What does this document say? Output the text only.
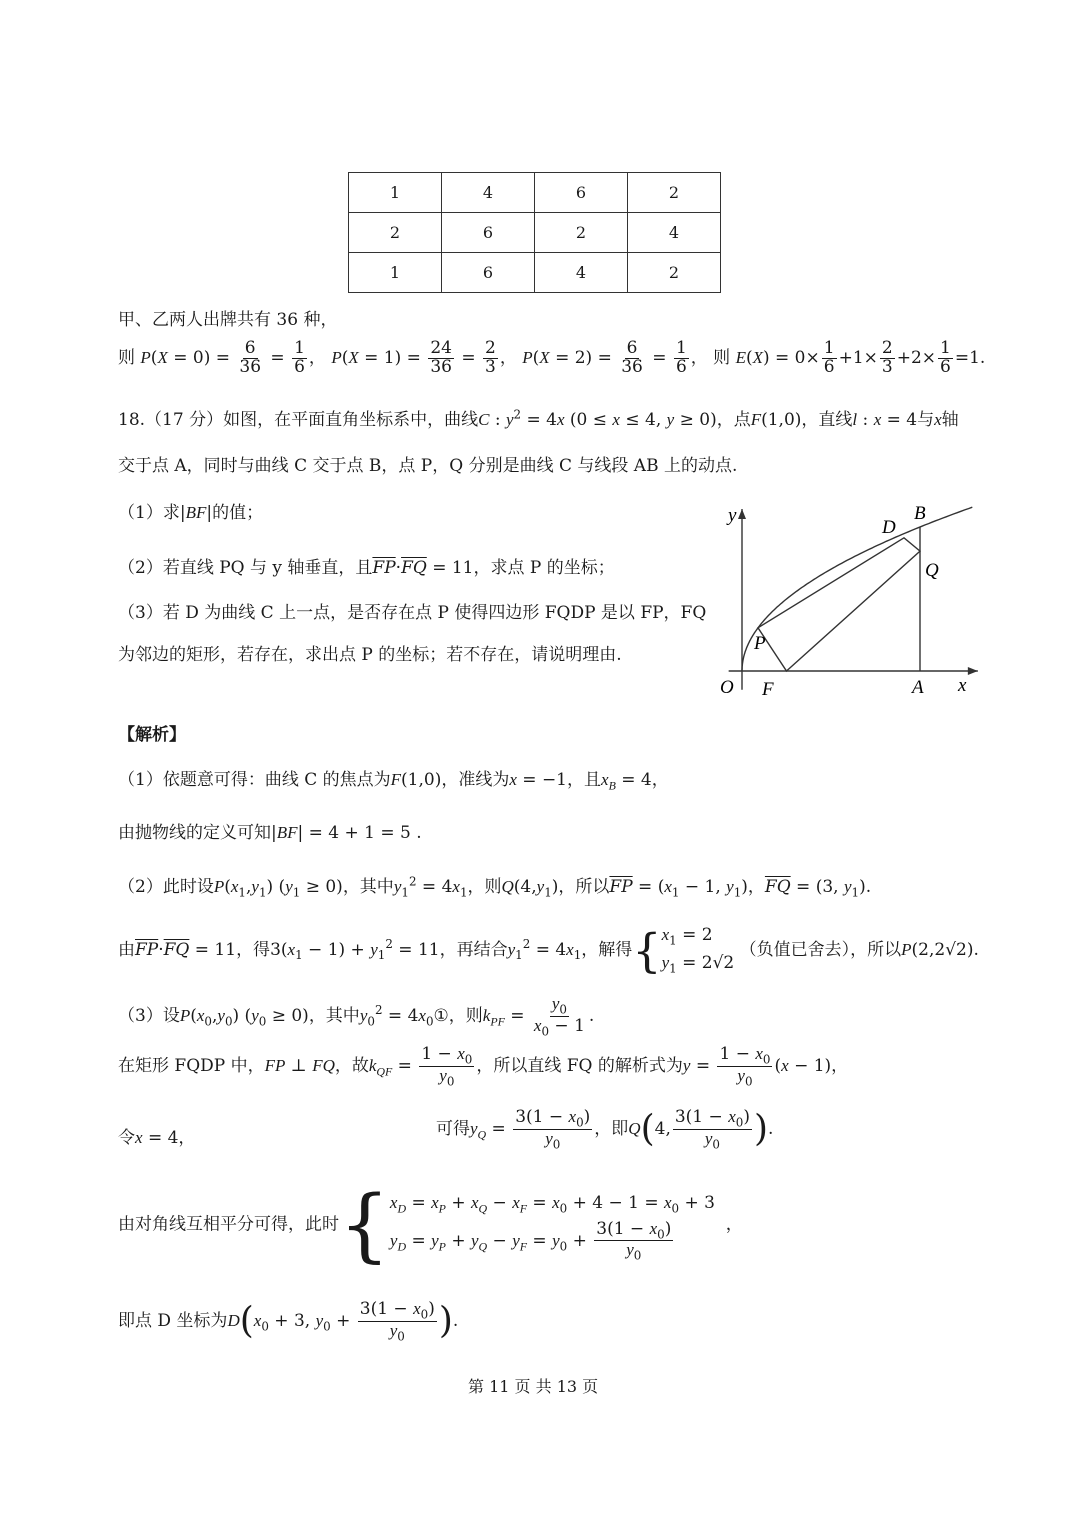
1	4	6	2
2	6	2	4
1	6	4	2
甲、乙两人出牌共有 36 种，
则 $P(X = 0) = \frac{6}{36} = \frac{1}{6}$ ， $P(X = 1) = \frac{24}{36} = \frac{2}{3}$ ， $P(X = 2) = \frac{6}{36} = \frac{1}{6}$ ， 则 $E(X) = 0\times \frac{1}{6} +1\times \frac{2}{3} +2\times \frac{1}{6} =1$.
18.（17 分）如图，在平面直角坐标系中，曲线C : $y^2 = 4x$ (0 ≤ x ≤ 4, y ≥ 0)，点F(1,0)，直线l : x = 4与x轴
交于点 A，同时与曲线 C 交于点 B，点 P，Q 分别是曲线 C 与线段 AB 上的动点.
（1）求|BF|的值；
（2）若直线 PQ 与 y 轴垂直，且$\overline{FP}\cdot\overline{FQ} = 11$，求点 P 的坐标；
（3）若 D 为曲线 C 上一点，是否存在点 P 使得四边形 FQDP 是以 FP，FQ
为邻边的矩形，若存在，求出点 P 的坐标；若不存在，请说明理由.
y
x
O F	A
B
D
Q
P
【解析】
（1）依题意可得：曲线 C 的焦点为F(1,0)，准线为x = −1，且$x_B = 4$，
由抛物线的定义可知|BF| = 4 + 1 = 5 .
（2）此时设$P(x_1,y_1) (y_1 \ge 0)$，其中$y_1^2 = 4x_1$，则$Q(4,y_1)$，所以$\overline{FP} = (x_1 - 1$, $y_1$)，$\overline{FQ} = (3$, $y_1$).
由$\overline{FP}\cdot\overline{FQ} = 11$，得$3(x_1 - 1) + y_1^2 = 11$，再结合$y_1^2 = 4x_1$，解得{ $x_1 = 2$
$y_1 = 2√2$
（负值已舍去），所以P(2,2√2).
（3）设$P(x_0,y_0) (y_0 \ge 0)$，其中$y_0^2$ = $4x_0①$，则$k_{PF} = \frac{y_0}{x_0 - 1}$ .
在矩形 FQDP 中，FP ⊥ FQ，故$k_{QF} = \frac{1 - x_0}{y_0}$ ，所以直线 FQ 的解析式为$y = \frac{1 - x_0}{y_0} (x - 1)$，
令x = 4，	可得$y_Q = \frac{3(1 - x_0)}{y_0}$ ，即Q(4, $\frac{3(1 - x_0)}{y_0}$ ).
由对角线互相平分可得，此时{ $x_D = x_P + x_Q - x_F = x_0 + 4 - 1 = x_0 + 3$
$y_D = y_P + y_Q - y_F = y_0 + \frac{3(1 - x_0)}{y_0}$ ，
即点 D 坐标为$D(x_0 + 3$, $y_0 + \frac{3(1 - x_0)}{y_0}$ ).
第 11 页 共 13 页
